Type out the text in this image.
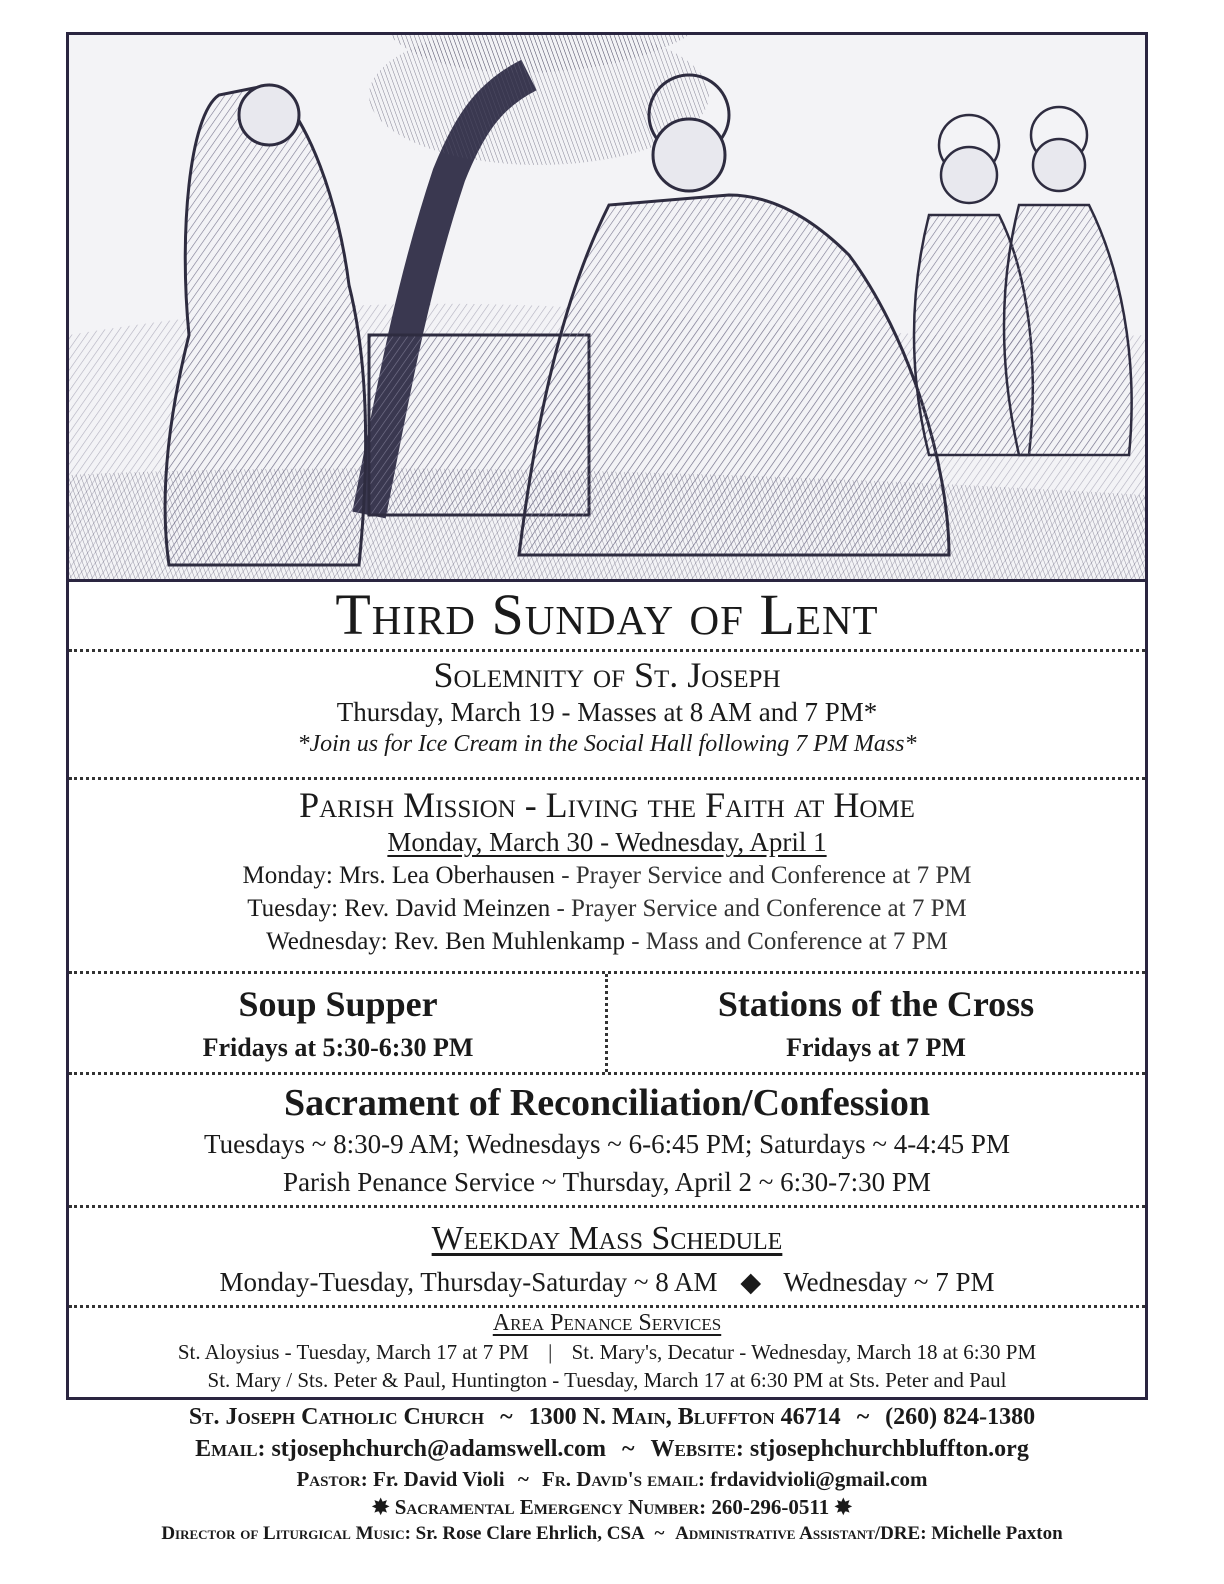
Third Sunday of Lent
Solemnity of St. Joseph
Thursday, March 19 - Masses at 8 AM and 7 PM*
*Join us for Ice Cream in the Social Hall following 7 PM Mass*
Parish Mission - Living the Faith at Home
Monday, March 30 - Wednesday, April 1
Monday: Mrs. Lea Oberhausen - Prayer Service and Conference at 7 PM
Tuesday: Rev. David Meinzen - Prayer Service and Conference at 7 PM
Wednesday: Rev. Ben Muhlenkamp - Mass and Conference at 7 PM
Soup Supper
Fridays at 5:30-6:30 PM
Stations of the Cross
Fridays at 7 PM
Sacrament of Reconciliation/Confession
Tuesdays ~ 8:30-9 AM; Wednesdays ~ 6-6:45 PM; Saturdays ~ 4-4:45 PM
Parish Penance Service ~ Thursday, April 2 ~ 6:30-7:30 PM
Weekday Mass Schedule
Monday-Tuesday, Thursday-Saturday ~ 8 AM ◆ Wednesday ~ 7 PM
Area Penance Services
St. Aloysius - Tuesday, March 17 at 7 PM | St. Mary's, Decatur - Wednesday, March 18 at 6:30 PM
St. Mary / Sts. Peter & Paul, Huntington - Tuesday, March 17 at 6:30 PM at Sts. Peter and Paul
St. Joseph Catholic Church ~ 1300 N. Main, Bluffton 46714 ~ (260) 824-1380
Email: stjosephchurch@adamswell.com ~ Website: stjosephchurchbluffton.org
Pastor: Fr. David Violi ~ Fr. David's email: frdavidvioli@gmail.com
✸ Sacramental Emergency Number: 260-296-0511 ✸
Director of Liturgical Music: Sr. Rose Clare Ehrlich, CSA ~ Administrative Assistant/DRE: Michelle Paxton
